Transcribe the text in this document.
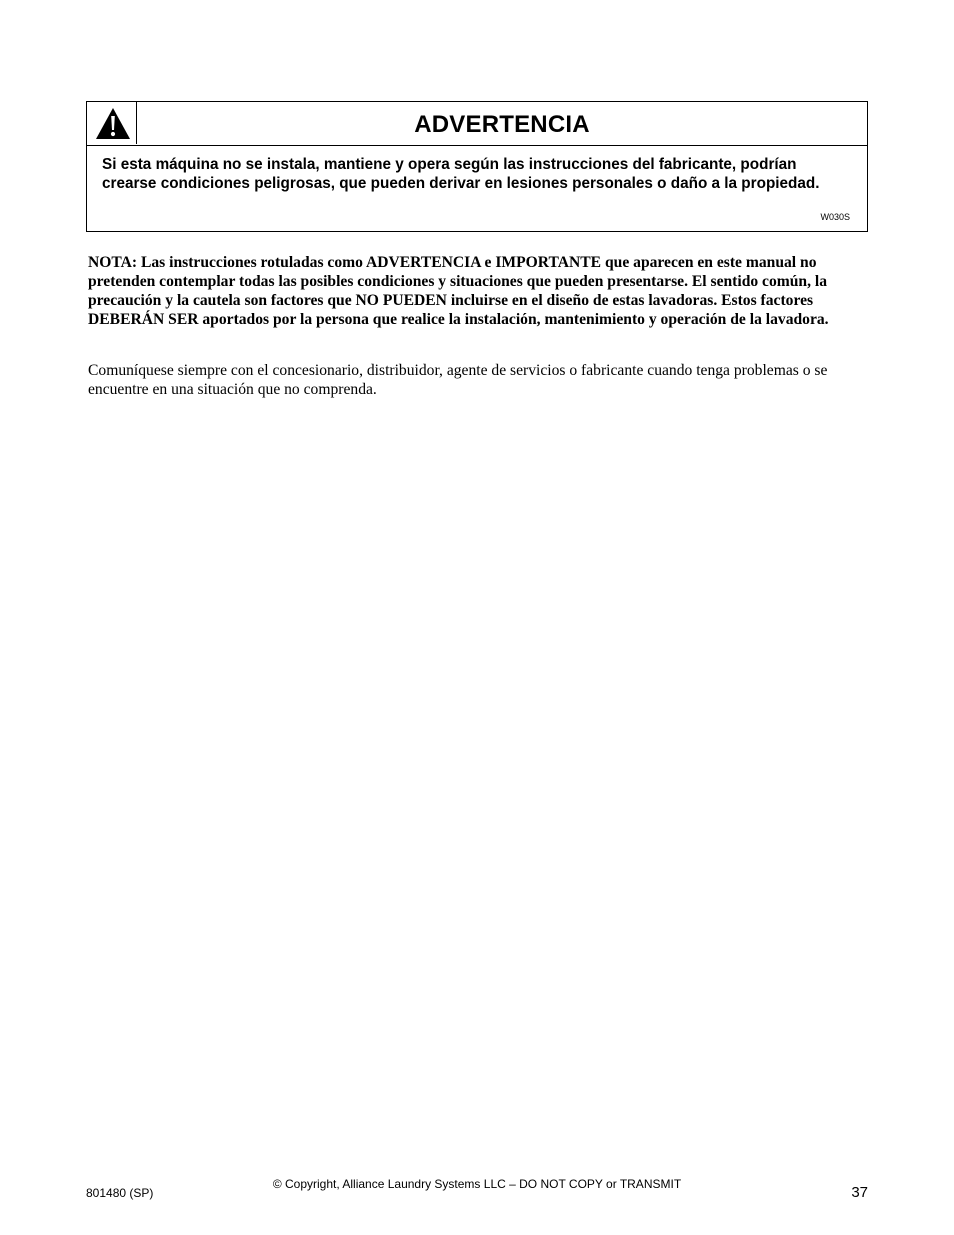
ADVERTENCIA
Si esta máquina no se instala, mantiene y opera según las instrucciones del fabricante, podrían crearse condiciones peligrosas, que pueden derivar en lesiones personales o daño a la propiedad.
W030S
NOTA: Las instrucciones rotuladas como ADVERTENCIA e IMPORTANTE que aparecen en este manual no pretenden contemplar todas las posibles condiciones y situaciones que pueden presentarse. El sentido común, la precaución y la cautela son factores que NO PUEDEN incluirse en el diseño de estas lavadoras. Estos factores DEBERÁN SER aportados por la persona que realice la instalación, mantenimiento y operación de la lavadora.
Comuníquese siempre con el concesionario, distribuidor, agente de servicios o fabricante cuando tenga problemas o se encuentre en una situación que no comprenda.
801480 (SP)
© Copyright, Alliance Laundry Systems LLC – DO NOT COPY or TRANSMIT	37
